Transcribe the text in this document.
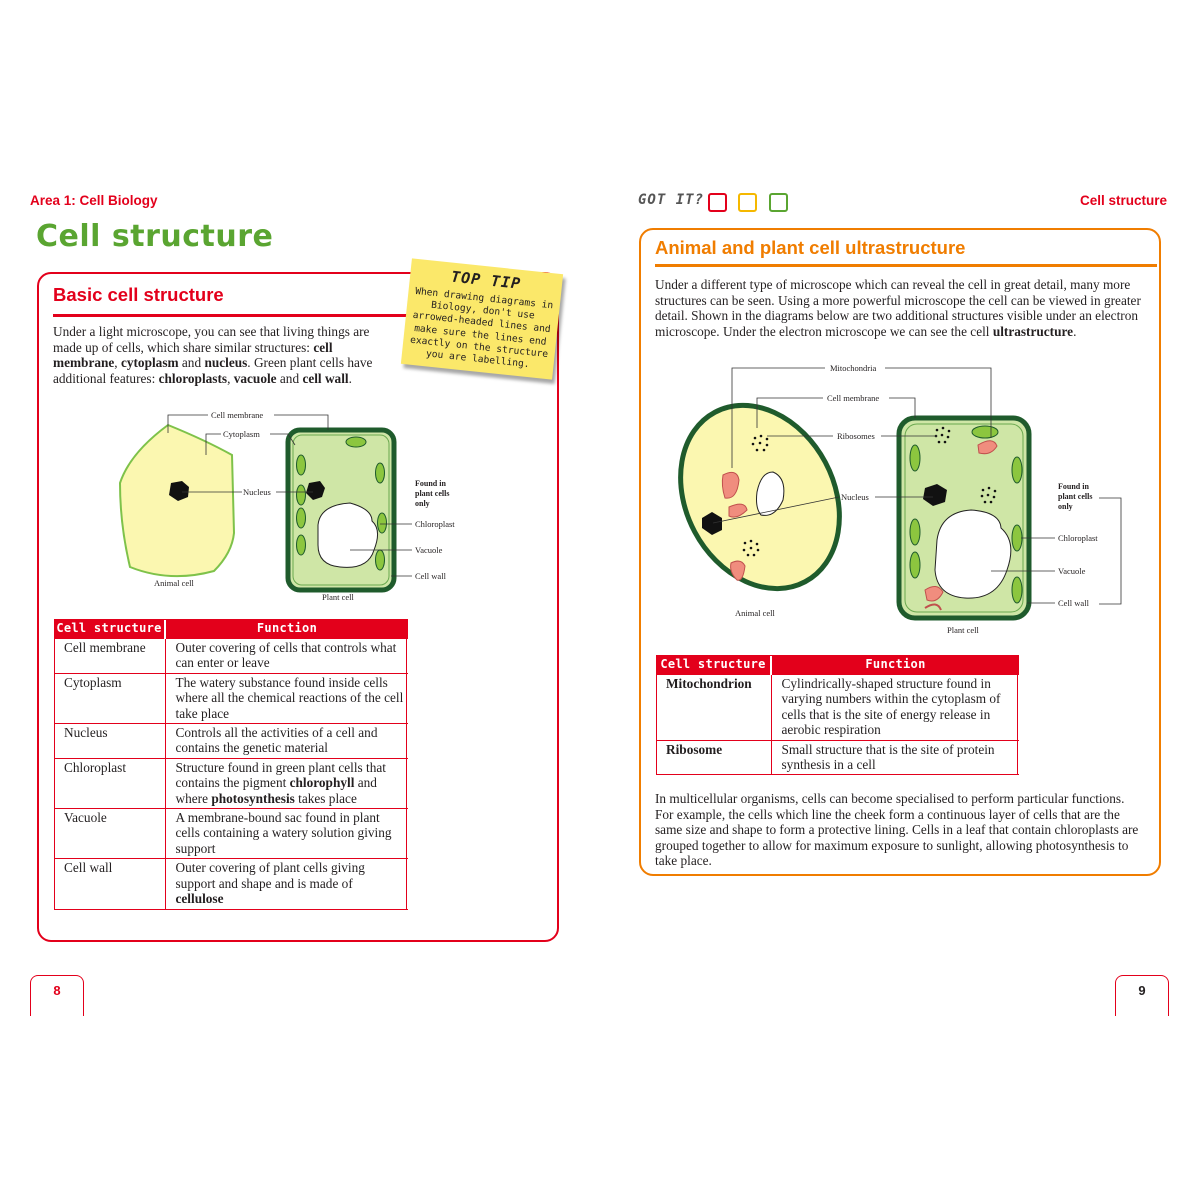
Area 1: Cell Biology
Cell structure
Basic cell structure
Under a light microscope, you can see that living things are made up of cells, which share similar structures: cell membrane, cytoplasm and nucleus. Green plant cells have additional features: chloroplasts, vacuole and cell wall.
TOP TIP
When drawing diagrams in Biology, don't use arrowed-headed lines and make sure the lines end exactly on the structure you are labelling.
Cell membrane
Cytoplasm
Nucleus
Found in
plant cells
only
Chloroplast
Vacuole
Cell wall
Animal cell
Plant cell
Cell structure	Function
Cell membrane	Outer covering of cells that controls what can enter or leave
Cytoplasm	The watery substance found inside cells where all the chemical reactions of the cell take place
Nucleus	Controls all the activities of a cell and contains the genetic material
Chloroplast	Structure found in green plant cells that contains the pigment chlorophyll and where photosynthesis takes place
Vacuole	A membrane-bound sac found in plant cells containing a watery solution giving support
Cell wall	Outer covering of plant cells giving support and shape and is made of cellulose
8
GOT IT?	Cell structure
Animal and plant cell ultrastructure
Under a different type of microscope which can reveal the cell in great detail, many more structures can be seen. Using a more powerful microscope the cell can be viewed in greater detail. Shown in the diagrams below are two additional structures visible under an electron microscope. Under the electron microscope we can see the cell ultrastructure.
In multicellular organisms, cells can become specialised to perform particular functions. For example, the cells which line the cheek form a continuous layer of cells that are the same size and shape to form a protective lining. Cells in a leaf that contain chloroplasts are grouped together to allow for maximum exposure to sunlight, allowing photosynthesis to take place.
Mitochondria
Cell membrane
Ribosomes
Nucleus
Found in
plant cells
only
Chloroplast
Vacuole
Cell wall
Animal cell
Plant cell
Cell structure	Function
Mitochondrion	Cylindrically-shaped structure found in varying numbers within the cytoplasm of cells that is the site of energy release in aerobic respiration
Ribosome	Small structure that is the site of protein synthesis in a cell
9
